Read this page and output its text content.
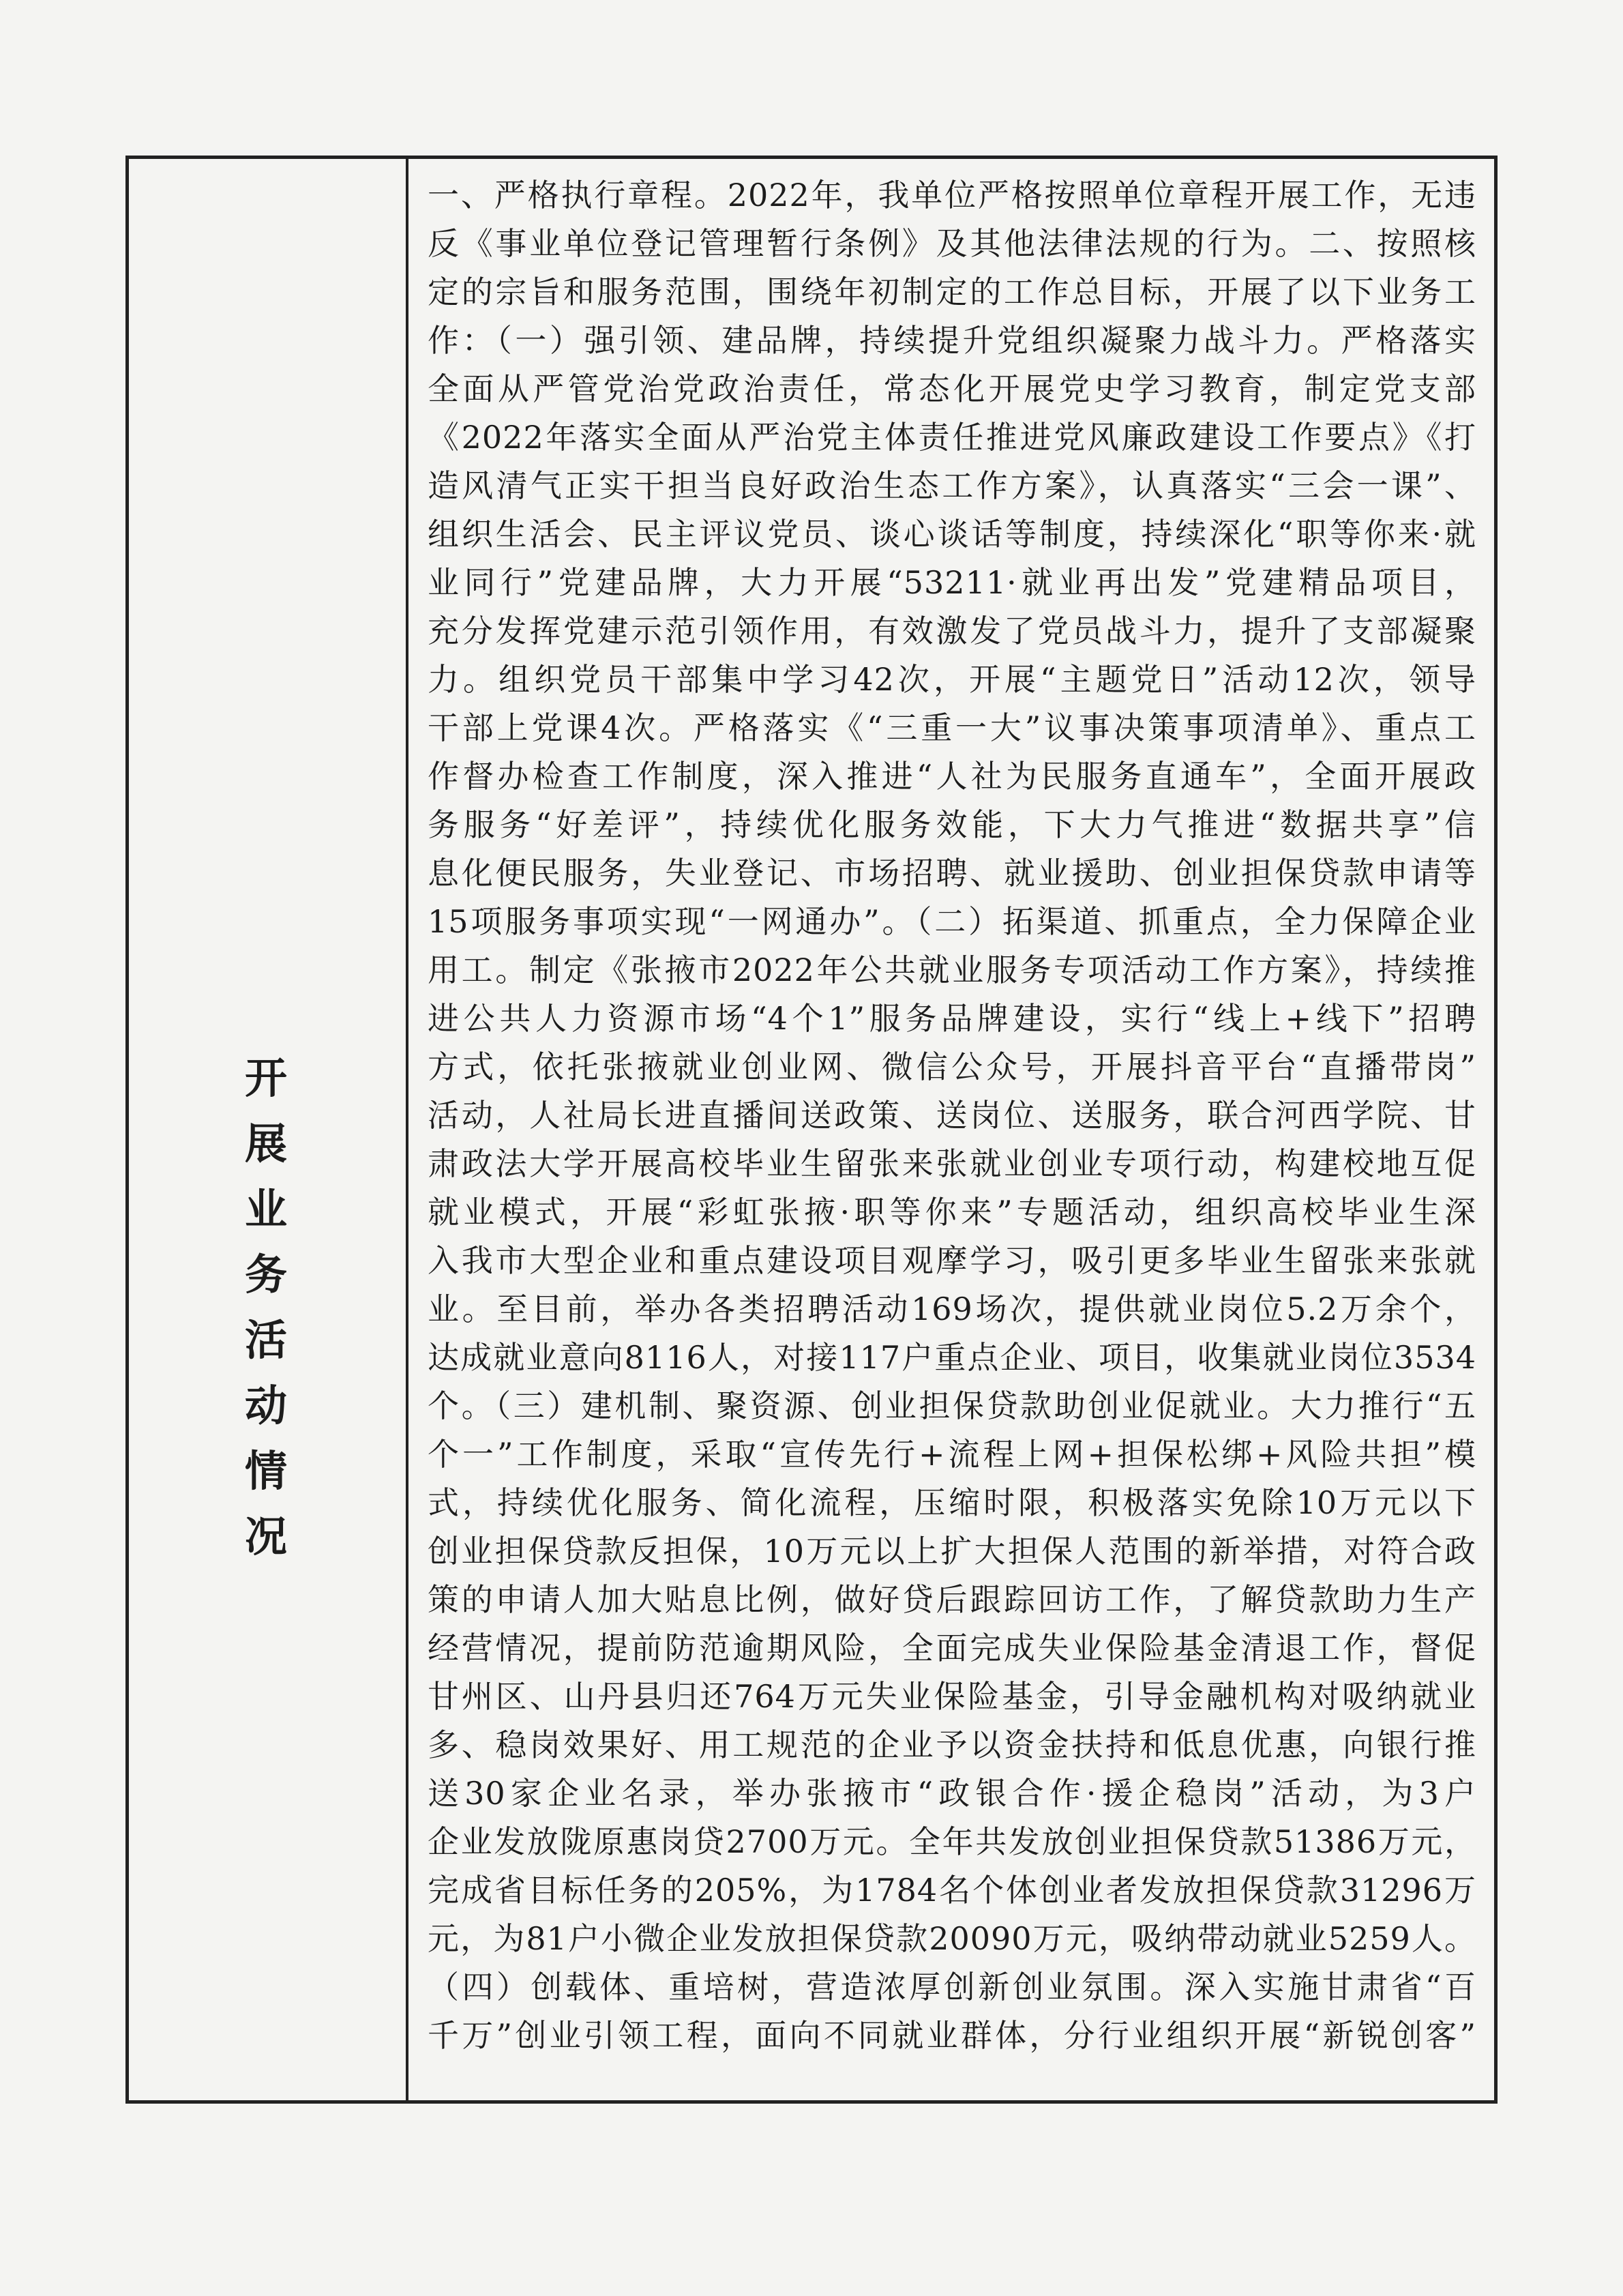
开
展
业
务
活
动
情
况
一、严格执行章程。2022年，我单位严格按照单位章程开展工作，无违
反《事业单位登记管理暂行条例》及其他法律法规的行为。二、按照核
定的宗旨和服务范围，围绕年初制定的工作总目标，开展了以下业务工
作：（一）强引领、建品牌，持续提升党组织凝聚力战斗力。严格落实
全面从严管党治党政治责任，常态化开展党史学习教育，制定党支部
《2022年落实全面从严治党主体责任推进党风廉政建设工作要点》《打
造风清气正实干担当良好政治生态工作方案》，认真落实“三会一课”、
组织生活会、民主评议党员、谈心谈话等制度，持续深化“职等你来·就
业同行”党建品牌，大力开展“53211·就业再出发”党建精品项目，
充分发挥党建示范引领作用，有效激发了党员战斗力，提升了支部凝聚
力。组织党员干部集中学习42次，开展“主题党日”活动12次，领导
干部上党课4次。严格落实《“三重一大”议事决策事项清单》、重点工
作督办检查工作制度，深入推进“人社为民服务直通车”，全面开展政
务服务“好差评”，持续优化服务效能，下大力气推进“数据共享”信
息化便民服务，失业登记、市场招聘、就业援助、创业担保贷款申请等
15项服务事项实现“一网通办”。（二）拓渠道、抓重点，全力保障企业
用工。制定《张掖市2022年公共就业服务专项活动工作方案》，持续推
进公共人力资源市场“4个1”服务品牌建设，实行“线上+线下”招聘
方式，依托张掖就业创业网、微信公众号，开展抖音平台“直播带岗”
活动，人社局长进直播间送政策、送岗位、送服务，联合河西学院、甘
肃政法大学开展高校毕业生留张来张就业创业专项行动，构建校地互促
就业模式，开展“彩虹张掖·职等你来”专题活动，组织高校毕业生深
入我市大型企业和重点建设项目观摩学习，吸引更多毕业生留张来张就
业。至目前，举办各类招聘活动169场次，提供就业岗位5.2万余个，
达成就业意向8116人，对接117户重点企业、项目，收集就业岗位3534
个。（三）建机制、聚资源、创业担保贷款助创业促就业。大力推行“五
个一”工作制度，采取“宣传先行+流程上网+担保松绑+风险共担”模
式，持续优化服务、简化流程，压缩时限，积极落实免除10万元以下
创业担保贷款反担保，10万元以上扩大担保人范围的新举措，对符合政
策的申请人加大贴息比例，做好贷后跟踪回访工作，了解贷款助力生产
经营情况，提前防范逾期风险，全面完成失业保险基金清退工作，督促
甘州区、山丹县归还764万元失业保险基金，引导金融机构对吸纳就业
多、稳岗效果好、用工规范的企业予以资金扶持和低息优惠，向银行推
送30家企业名录，举办张掖市“政银合作·援企稳岗”活动，为3户
企业发放陇原惠岗贷2700万元。全年共发放创业担保贷款51386万元，
完成省目标任务的205%，为1784名个体创业者发放担保贷款31296万
元，为81户小微企业发放担保贷款20090万元，吸纳带动就业5259人。
（四）创载体、重培树，营造浓厚创新创业氛围。深入实施甘肃省“百
千万”创业引领工程，面向不同就业群体，分行业组织开展“新锐创客”
